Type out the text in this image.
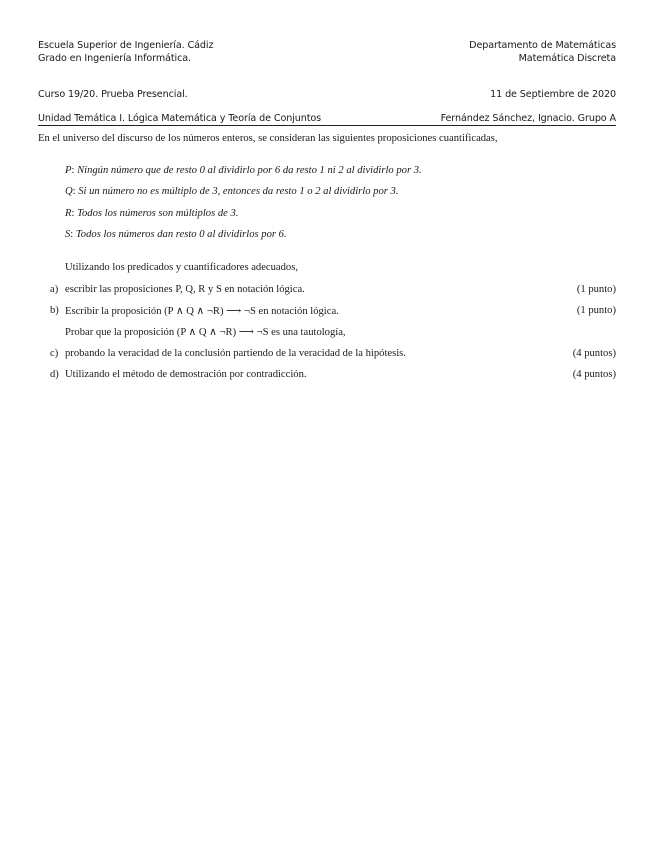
Escuela Superior de Ingeniería. Cádiz
Grado en Ingeniería Informática.
Departamento de Matemáticas
Matemática Discreta
Curso 19/20. Prueba Presencial.	11 de Septiembre de 2020
Unidad Temática I. Lógica Matemática y Teoría de Conjuntos	Fernández Sánchez, Ignacio. Grupo A
En el universo del discurso de los números enteros, se consideran las siguientes proposiciones cuantificadas,
P: Ningún número que de resto 0 al dividirlo por 6 da resto 1 ni 2 al dividirlo por 3.
Q: Si un número no es múltiplo de 3, entonces da resto 1 o 2 al dividirlo por 3.
R: Todos los números son múltiplos de 3.
S: Todos los números dan resto 0 al dividirlos por 6.
Utilizando los predicados y cuantificadores adecuados,
a) escribir las proposiciones P, Q, R y S en notación lógica.	(1 punto)
b) Escribir la proposición (P ∧ Q ∧ ¬R) ⟶ ¬S en notación lógica.	(1 punto)
Probar que la proposición (P ∧ Q ∧ ¬R) ⟶ ¬S es una tautología,
c) probando la veracidad de la conclusión partiendo de la veracidad de la hipótesis.	(4 puntos)
d) Utilizando el método de demostración por contradicción.	(4 puntos)
